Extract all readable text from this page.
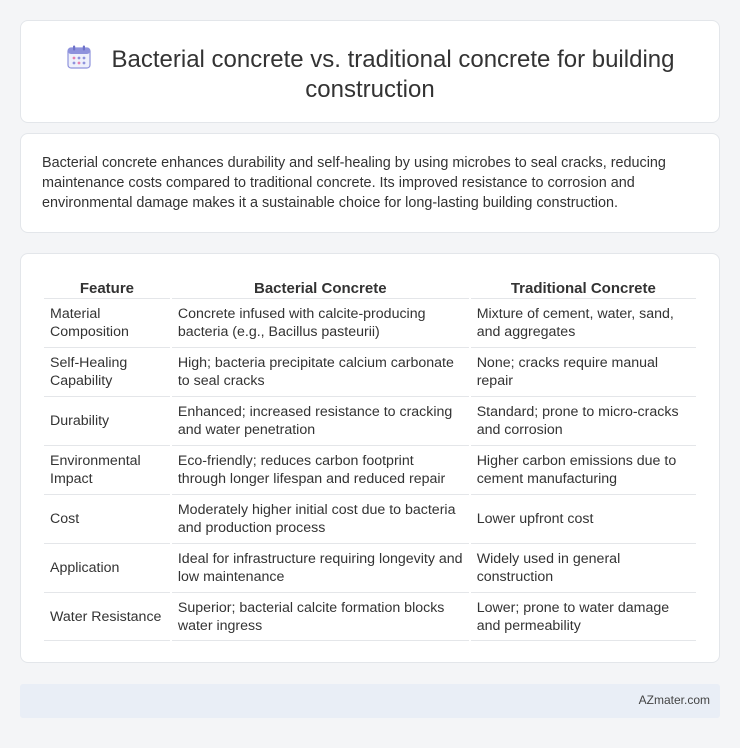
Bacterial concrete vs. traditional concrete for building construction

Bacterial concrete enhances durability and self-healing by using microbes to seal cracks, reducing maintenance costs compared to traditional concrete. Its improved resistance to corrosion and environmental damage makes it a sustainable choice for long-lasting building construction.

Feature	Bacterial Concrete	Traditional Concrete
Material Composition	Concrete infused with calcite-producing bacteria (e.g., Bacillus pasteurii)	Mixture of cement, water, sand, and aggregates
Self-Healing Capability	High; bacteria precipitate calcium carbonate to seal cracks	None; cracks require manual repair
Durability	Enhanced; increased resistance to cracking and water penetration	Standard; prone to micro-cracks and corrosion
Environmental Impact	Eco-friendly; reduces carbon footprint through longer lifespan and reduced repair	Higher carbon emissions due to cement manufacturing
Cost	Moderately higher initial cost due to bacteria and production process	Lower upfront cost
Application	Ideal for infrastructure requiring longevity and low maintenance	Widely used in general construction
Water Resistance	Superior; bacterial calcite formation blocks water ingress	Lower; prone to water damage and permeability
AZmater.com
